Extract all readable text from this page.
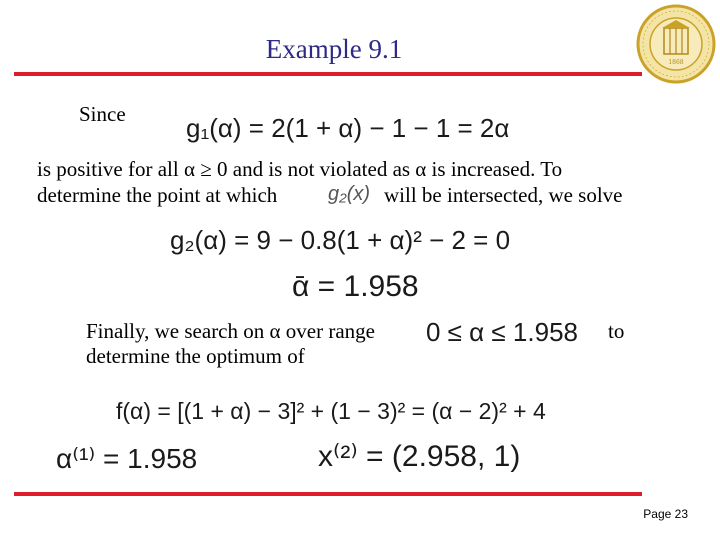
Example 9.1	1868
Since g₁(α) = 2(1 + α) − 1 − 1 = 2α
is positive for all α ≥ 0 and is not violated as α is increased. To
determine the point at which	g₂(x) will be intersected, we solve
g₂(α) = 9 − 0.8(1 + α)² − 2 = 0
ᾱ = 1.958
Finally, we search on α over range 0 ≤ α ≤ 1.958 to
determine the optimum of
f(α) = [(1 + α) − 3]² + (1 − 3)² = (α − 2)² + 4
α⁽¹⁾ = 1.958	x⁽²⁾ = (2.958, 1)
Page 23
